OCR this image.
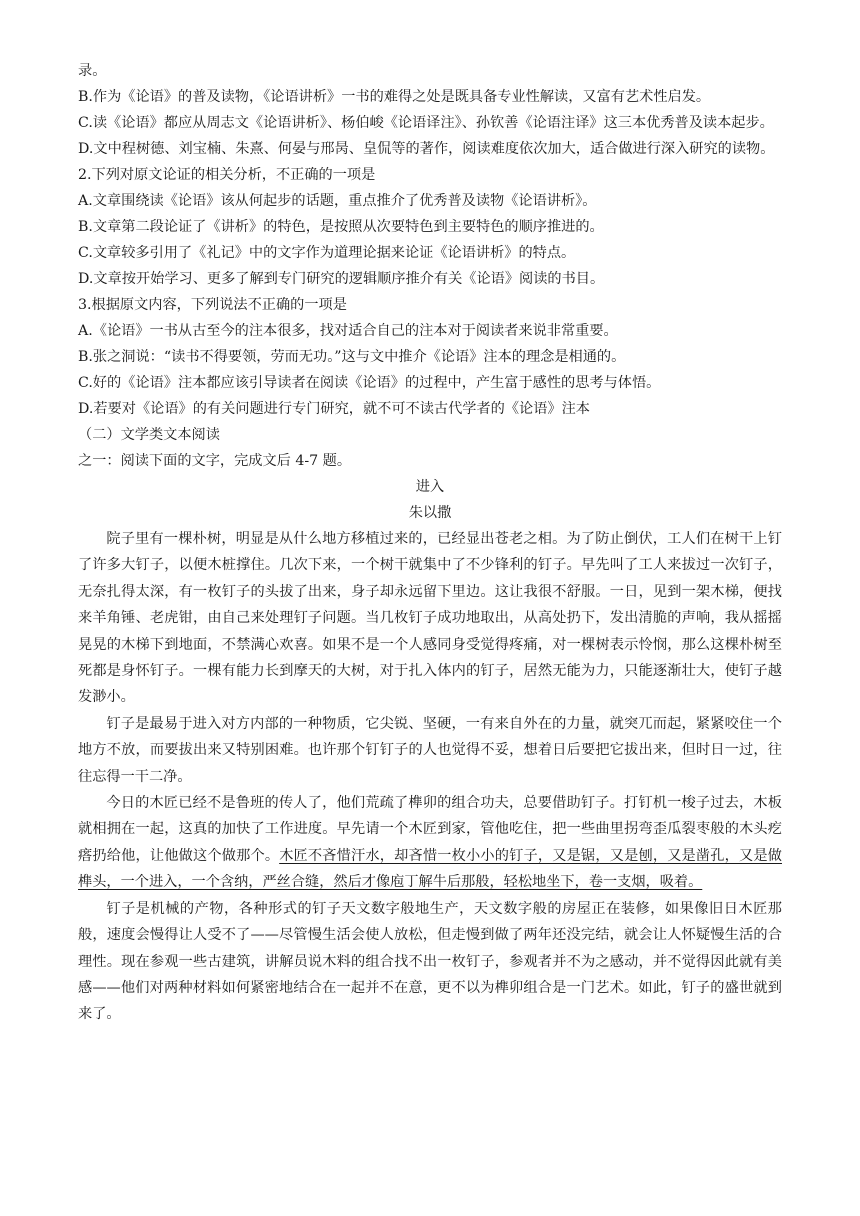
录。

B.作为《论语》的普及读物，《论语讲析》一书的难得之处是既具备专业性解读，又富有艺术性启发。

C.读《论语》都应从周志文《论语讲析》、杨伯峻《论语译注》、孙钦善《论语注译》这三本优秀普及读本起步。

D.文中程树德、刘宝楠、朱熹、何晏与邢昺、皇侃等的著作，阅读难度依次加大，适合做进行深入研究的读物。

2.下列对原文论证的相关分析，不正确的一项是

A.文章围绕读《论语》该从何起步的话题，重点推介了优秀普及读物《论语讲析》。

B.文章第二段论证了《讲析》的特色，是按照从次要特色到主要特色的顺序推进的。

C.文章较多引用了《礼记》中的文字作为道理论据来论证《论语讲析》的特点。

D.文章按开始学习、更多了解到专门研究的逻辑顺序推介有关《论语》阅读的书目。

3.根据原文内容，下列说法不正确的一项是

A.《论语》一书从古至今的注本很多，找对适合自己的注本对于阅读者来说非常重要。

B.张之洞说：“读书不得要领，劳而无功。”这与文中推介《论语》注本的理念是相通的。

C.好的《论语》注本都应该引导读者在阅读《论语》的过程中，产生富于感性的思考与体悟。

D.若要对《论语》的有关问题进行专门研究，就不可不读古代学者的《论语》注本

（二）文学类文本阅读

之一：阅读下面的文字，完成文后 4-7 题。

进入

朱以撒

院子里有一棵朴树，明显是从什么地方移植过来的，已经显出苍老之相。为了防止倒伏，工人们在树干上钉了许多大钉子，以便木桩撑住。几次下来，一个树干就集中了不少锋利的钉子。早先叫了工人来拔过一次钉子，无奈扎得太深，有一枚钉子的头拔了出来，身子却永远留下里边。这让我很不舒服。一日，见到一架木梯，便找来羊角锤、老虎钳，由自己来处理钉子问题。当几枚钉子成功地取出，从高处扔下，发出清脆的声响，我从摇摇晃晃的木梯下到地面，不禁满心欢喜。如果不是一个人感同身受觉得疼痛，对一棵树表示怜悯，那么这棵朴树至死都是身怀钉子。一棵有能力长到摩天的大树，对于扎入体内的钉子，居然无能为力，只能逐渐壮大，使钉子越发渺小。

钉子是最易于进入对方内部的一种物质，它尖锐、坚硬，一有来自外在的力量，就突兀而起，紧紧咬住一个地方不放，而要拔出来又特别困难。也许那个钉钉子的人也觉得不妥，想着日后要把它拔出来，但时日一过，往往忘得一干二净。

今日的木匠已经不是鲁班的传人了，他们荒疏了榫卯的组合功夫，总要借助钉子。打钉机一梭子过去，木板就相拥在一起，这真的加快了工作进度。早先请一个木匠到家，管他吃住，把一些曲里拐弯歪瓜裂枣般的木头疙瘩扔给他，让他做这个做那个。木匠不吝惜汗水，却吝惜一枚小小的钉子，又是锯，又是刨，又是凿孔，又是做榫头，一个进入，一个含纳，严丝合缝，然后才像庖丁解牛后那般，轻松地坐下，卷一支烟，吸着。

钉子是机械的产物，各种形式的钉子天文数字般地生产，天文数字般的房屋正在装修，如果像旧日木匠那般，速度会慢得让人受不了——尽管慢生活会使人放松，但走慢到做了两年还没完结，就会让人怀疑慢生活的合理性。现在参观一些古建筑，讲解员说木料的组合找不出一枚钉子，参观者并不为之感动，并不觉得因此就有美感——他们对两种材料如何紧密地结合在一起并不在意，更不以为榫卯组合是一门艺术。如此，钉子的盛世就到来了。
